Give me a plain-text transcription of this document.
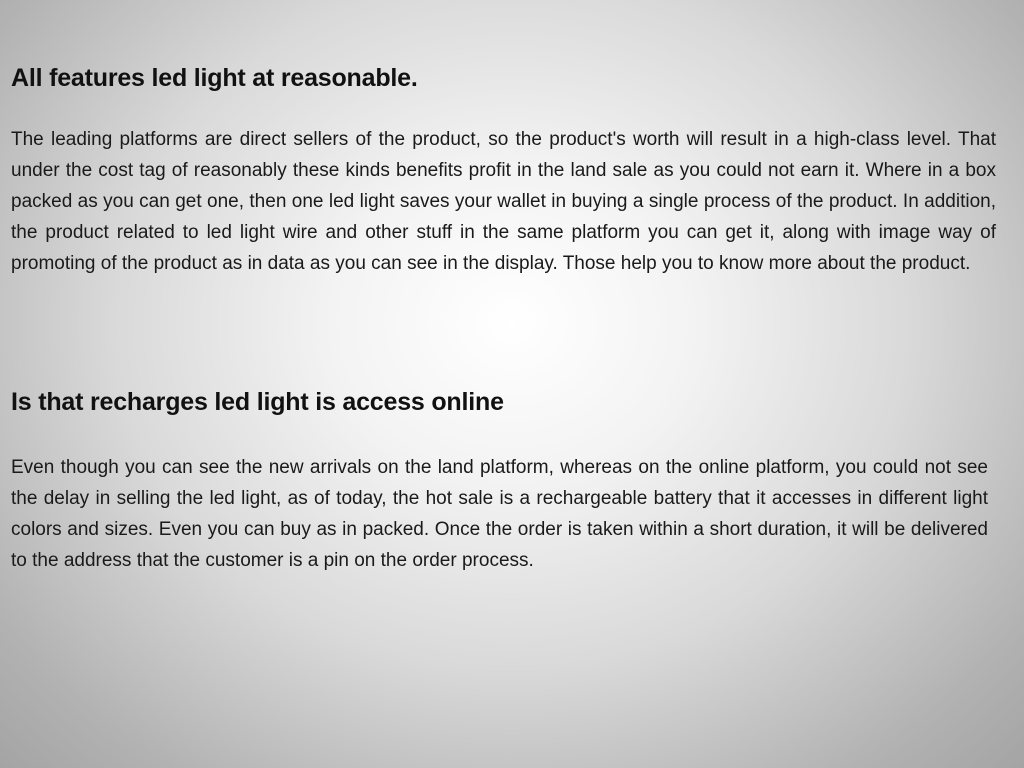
All features led light at reasonable.

The leading platforms are direct sellers of the product, so the product's worth will result in a high-class level. That under the cost tag of reasonably these kinds benefits profit in the land sale as you could not earn it. Where in a box packed as you can get one, then one led light saves your wallet in buying a single process of the product. In addition, the product related to led light wire and other stuff in the same platform you can get it, along with image way of promoting of the product as in data as you can see in the display. Those help you to know more about the product.

Is that recharges led light is access online

Even though you can see the new arrivals on the land platform, whereas on the online platform, you could not see the delay in selling the led light, as of today, the hot sale is a rechargeable battery that it accesses in different light colors and sizes. Even you can buy as in packed. Once the order is taken within a short duration, it will be delivered to the address that the customer is a pin on the order process.
